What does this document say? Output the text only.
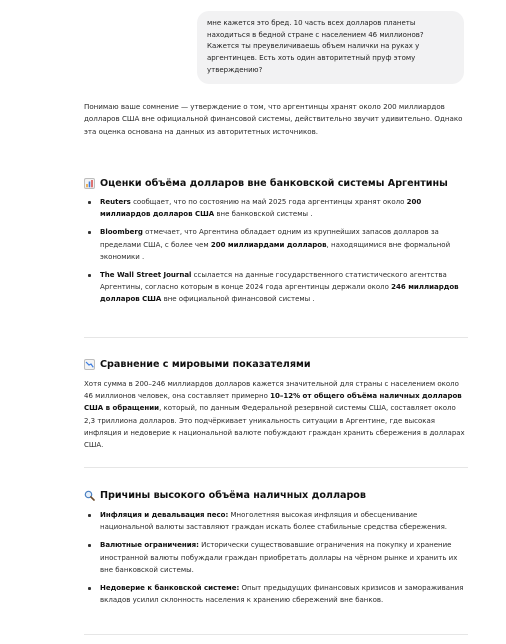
мне кажется это бред. 10 часть всех долларов планеты находиться в бедной стране с населением 46 миллионов? Кажется ты преувеличиваешь объем налички на руках у аргентинцев. Есть хоть один авторитетный пруф этому утверждению?

Понимаю ваше сомнение — утверждение о том, что аргентинцы хранят около 200 миллиардов долларов США вне официальной финансовой системы, действительно звучит удивительно. Однако эта оценка основана на данных из авторитетных источников.

Оценки объёма долларов вне банковской системы Аргентины
Reuters сообщает, что по состоянию на май 2025 года аргентинцы хранят около 200 миллиардов долларов США вне банковской системы .
Bloomberg отмечает, что Аргентина обладает одним из крупнейших запасов долларов за пределами США, с более чем 200 миллиардами долларов, находящимися вне формальной экономики .
The Wall Street Journal ссылается на данные государственного статистического агентства Аргентины, согласно которым в конце 2024 года аргентинцы держали около 246 миллиардов долларов США вне официальной финансовой системы .
Сравнение с мировыми показателями

Хотя сумма в 200–246 миллиардов долларов кажется значительной для страны с населением около 46 миллионов человек, она составляет примерно 10–12% от общего объёма наличных долларов США в обращении, который, по данным Федеральной резервной системы США, составляет около 2,3 триллиона долларов. Это подчёркивает уникальность ситуации в Аргентине, где высокая инфляция и недоверие к национальной валюте побуждают граждан хранить сбережения в долларах США.

Причины высокого объёма наличных долларов
Инфляция и девальвация песо: Многолетняя высокая инфляция и обесценивание национальной валюты заставляют граждан искать более стабильные средства сбережения.
Валютные ограничения: Исторически существовавшие ограничения на покупку и хранение иностранной валюты побуждали граждан приобретать доллары на чёрном рынке и хранить их вне банковской системы.
Недоверие к банковской системе: Опыт предыдущих финансовых кризисов и замораживания вкладов усилил склонность населения к хранению сбережений вне банков.
